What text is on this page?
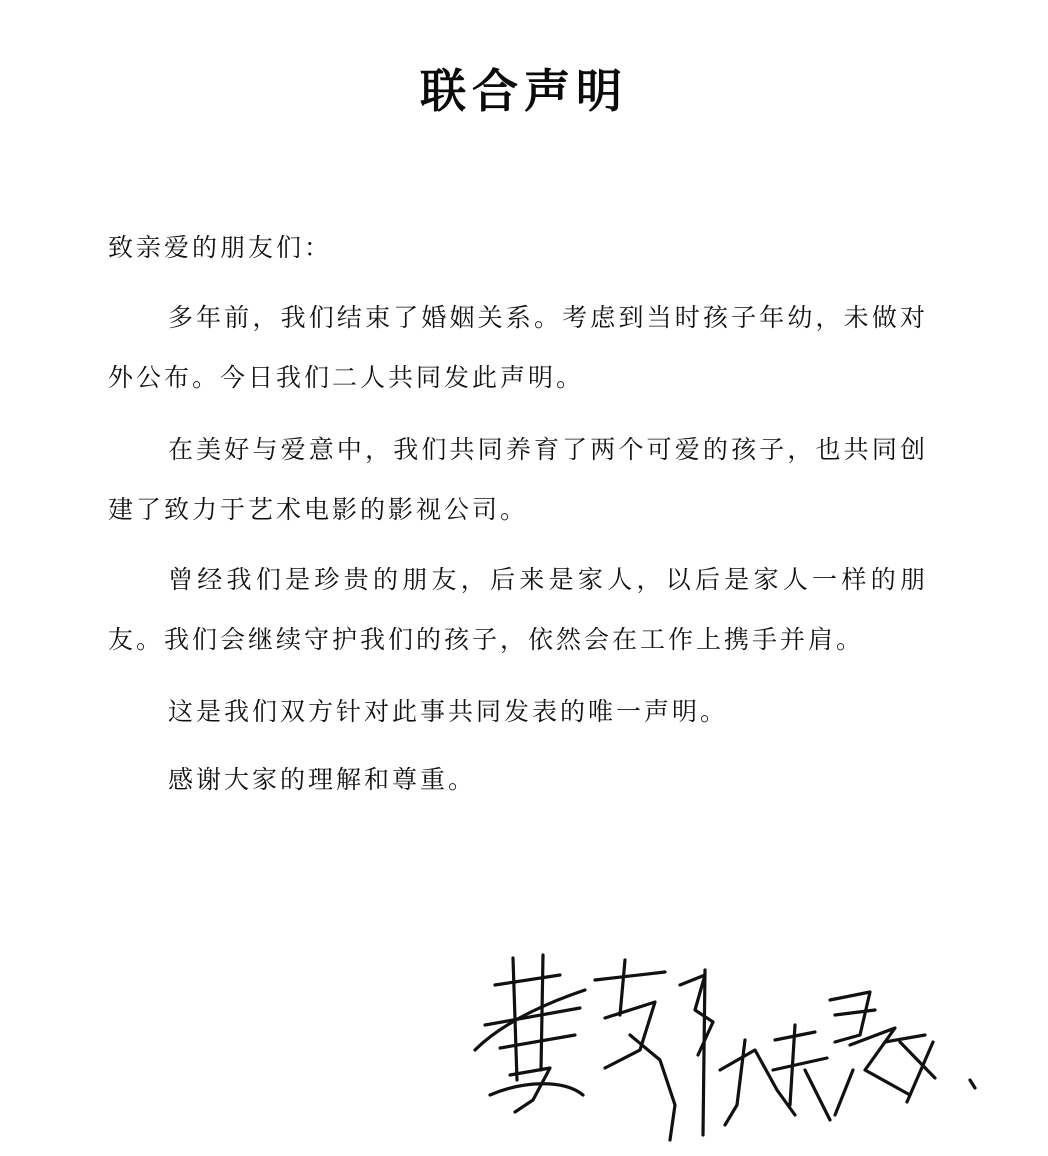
联合声明

致亲爱的朋友们：

多年前，我们结束了婚姻关系。考虑到当时孩子年幼，未做对外公布。今日我们二人共同发此声明。

在美好与爱意中，我们共同养育了两个可爱的孩子，也共同创建了致力于艺术电影的影视公司。

曾经我们是珍贵的朋友，后来是家人，以后是家人一样的朋友。我们会继续守护我们的孩子，依然会在工作上携手并肩。

这是我们双方针对此事共同发表的唯一声明。

感谢大家的理解和尊重。
